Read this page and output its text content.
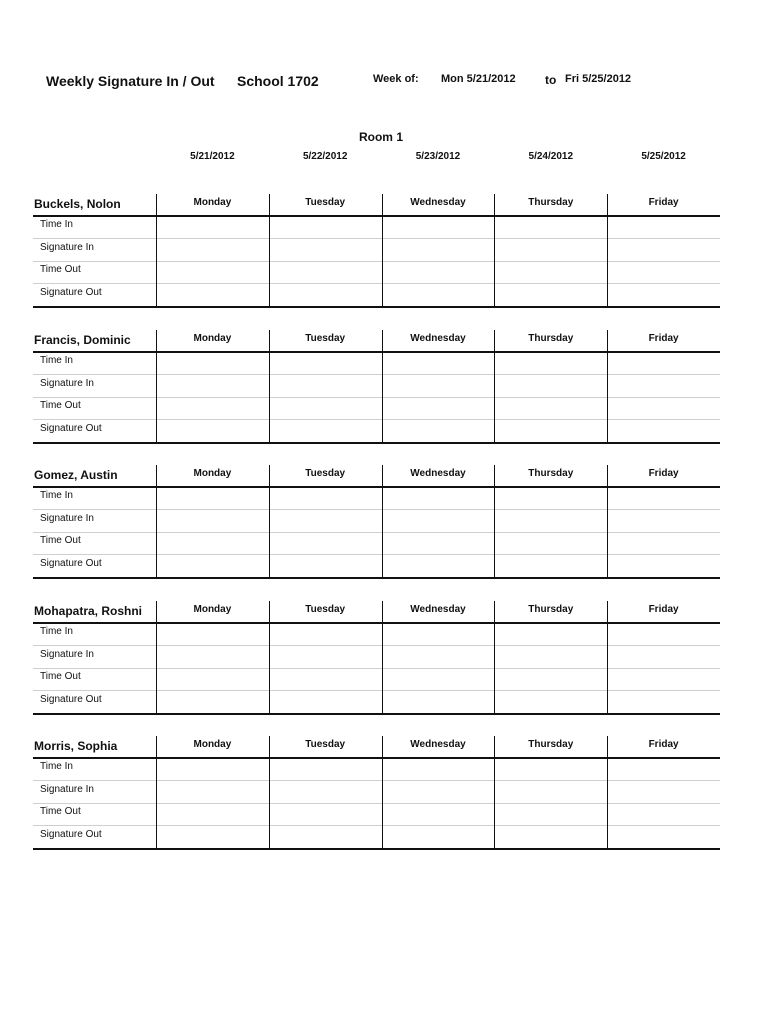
Weekly Signature In / Out School 1702	Week of: Mon 5/21/2012 to Fri 5/25/2012
Room 1
5/21/2012	5/22/2012	5/23/2012	5/24/2012	5/25/2012
Buckels, Nolon	Monday	Tuesday	Wednesday	Thursday	Friday
Time In
Signature In
Time Out
Signature Out
Francis, Dominic	Monday	Tuesday	Wednesday	Thursday	Friday
Time In
Signature In
Time Out
Signature Out
Gomez, Austin	Monday	Tuesday	Wednesday	Thursday	Friday
Time In
Signature In
Time Out
Signature Out
Mohapatra, Roshni	Monday	Tuesday	Wednesday	Thursday	Friday
Time In
Signature In
Time Out
Signature Out
Morris, Sophia	Monday	Tuesday	Wednesday	Thursday	Friday
Time In
Signature In
Time Out
Signature Out
